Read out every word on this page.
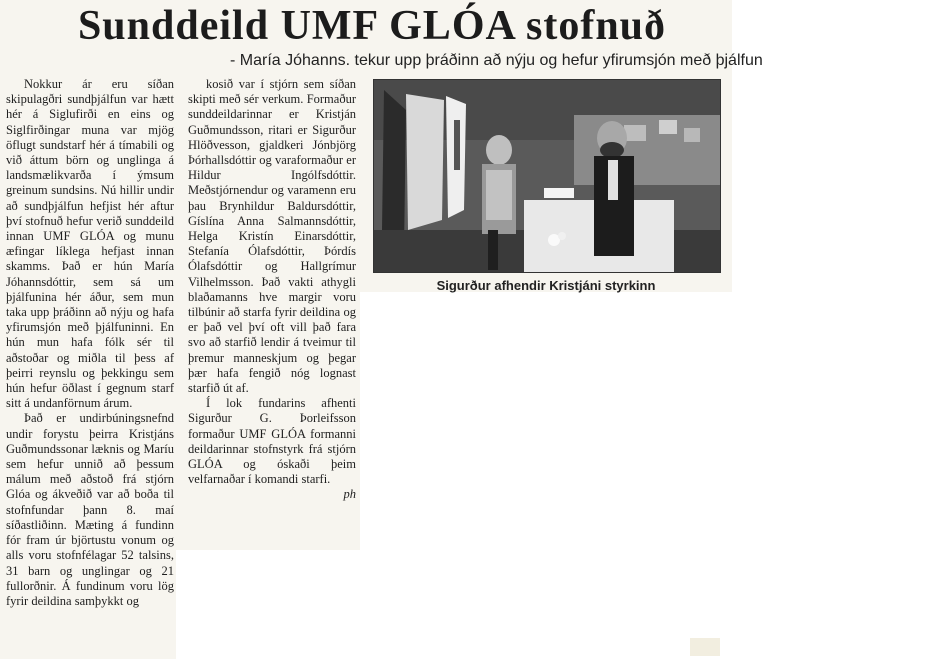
Sunddeild UMF GLÓA stofnuð
- María Jóhanns. tekur upp þráðinn að nýju og hefur yfirumsjón með þjálfun

Nokkur ár eru síðan skipulagðri sundþjálfun var hætt hér á Siglufirði en eins og Siglfirðingar muna var mjög öflugt sundstarf hér á tímabili og við áttum börn og unglinga á landsmælikvarða í ýmsum greinum sundsins. Nú hillir undir að sundþjálfun hefjist hér aftur því stofnuð hefur verið sunddeild innan UMF GLÓA og munu æfingar líklega hefjast innan skamms. Það er hún María Jóhannsdóttir, sem sá um þjálfunina hér áður, sem mun taka upp þráðinn að nýju og hafa yfirumsjón með þjálfuninni. En hún mun hafa fólk sér til aðstoðar og miðla til þess af þeirri reynslu og þekkingu sem hún hefur öðlast í gegnum starf sitt á undanförnum árum.

Það er undirbúningsnefnd undir forystu þeirra Kristjáns Guðmundssonar læknis og Maríu sem hefur unnið að þessum málum með aðstoð frá stjórn Glóa og ákveðið var að boða til stofnfundar þann 8. maí síðastliðinn. Mæting á fundinn fór fram úr björtustu vonum og alls voru stofnfélagar 52 talsins, 31 barn og unglingar og 21 fullorðnir. Á fundinum voru lög fyrir deildina samþykkt og

kosið var í stjórn sem síðan skipti með sér verkum. Formaður sunddeildarinnar er Kristján Guðmundsson, ritari er Sigurður Hlöðvesson, gjaldkeri Jónbjörg Þórhallsdóttir og varaformaður er Hildur Ingólfsdóttir. Meðstjórnendur og varamenn eru þau Brynhildur Baldursdóttir, Gíslína Anna Salmannsdóttir, Helga Kristín Einarsdóttir, Stefanía Ólafsdóttir, Þórdís Ólafsdóttir og Hallgrímur Vilhelmsson. Það vakti athygli blaðamanns hve margir voru tilbúnir að starfa fyrir deildina og er það vel því oft vill það fara svo að starfið lendir á tveimur til þremur manneskjum og þegar þær hafa fengið nóg lognast starfið út af.

Í lok fundarins afhenti Sigurður G. Þorleifsson formaður UMF GLÓA formanni deildarinnar stofnstyrk frá stjórn GLÓA og óskaði þeim velfarnaðar í komandi starfi.

ph

Sigurður afhendir Kristjáni styrkinn
